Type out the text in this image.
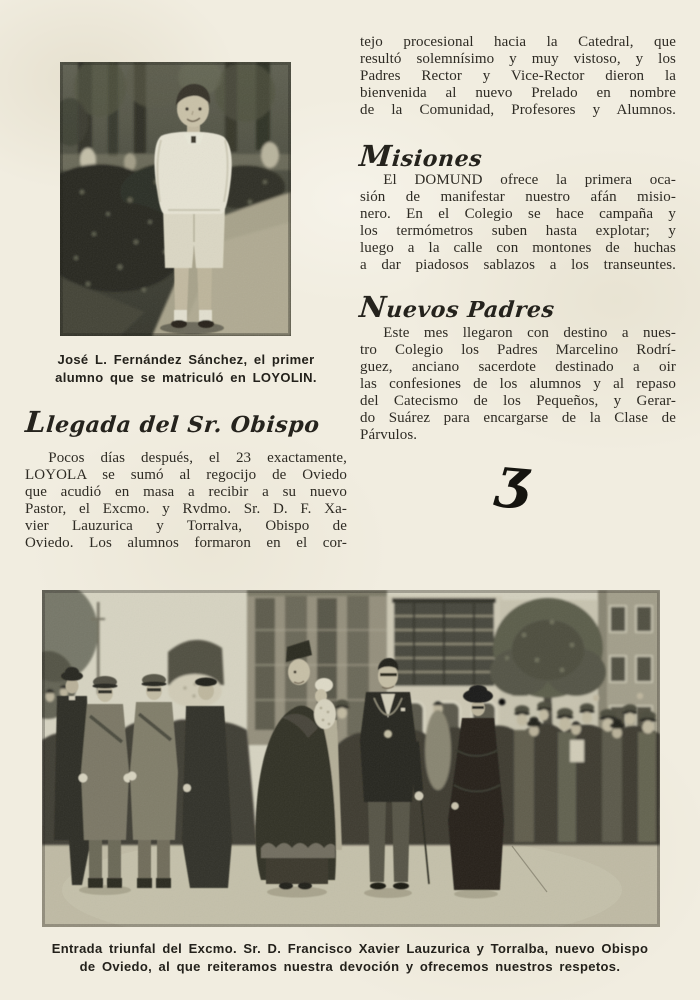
José L. Fernández Sánchez, el primer
alumno que se matriculó en LOYOLIN.
Llegada del Sr. Obispo
Pocos días después, el 23 exactamente,
LOYOLA se sumó al regocijo de Oviedo
que acudió en masa a recibir a su nuevo
Pastor, el Excmo. y Rvdmo. Sr. D. F. Xa-
vier Lauzurica y Torralva, Obispo de
Oviedo. Los alumnos formaron en el cor-
tejo procesional hacia la Catedral, que
resultó solemnísimo y muy vistoso, y los
Padres Rector y Vice-Rector dieron la
bienvenida al nuevo Prelado en nombre
de la Comunidad, Profesores y Alumnos.
Misiones
El DOMUND ofrece la primera oca-
sión de manifestar nuestro afán misio-
nero. En el Colegio se hace campaña y
los termómetros suben hasta explotar; y
luego a la calle con montones de huchas
a dar piadosos sablazos a los transeuntes.
Nuevos Padres
Este mes llegaron con destino a nues-
tro Colegio los Padres Marcelino Rodrí-
guez, anciano sacerdote destinado a oir
las confesiones de los alumnos y al repaso
del Catecismo de los Pequeños, y Gerar-
do Suárez para encargarse de la Clase de
Párvulos.
ʒ
Entrada triunfal del Excmo. Sr. D. Francisco Xavier Lauzurica y Torralba, nuevo Obispo
de Oviedo, al que reiteramos nuestra devoción y ofrecemos nuestros respetos.
